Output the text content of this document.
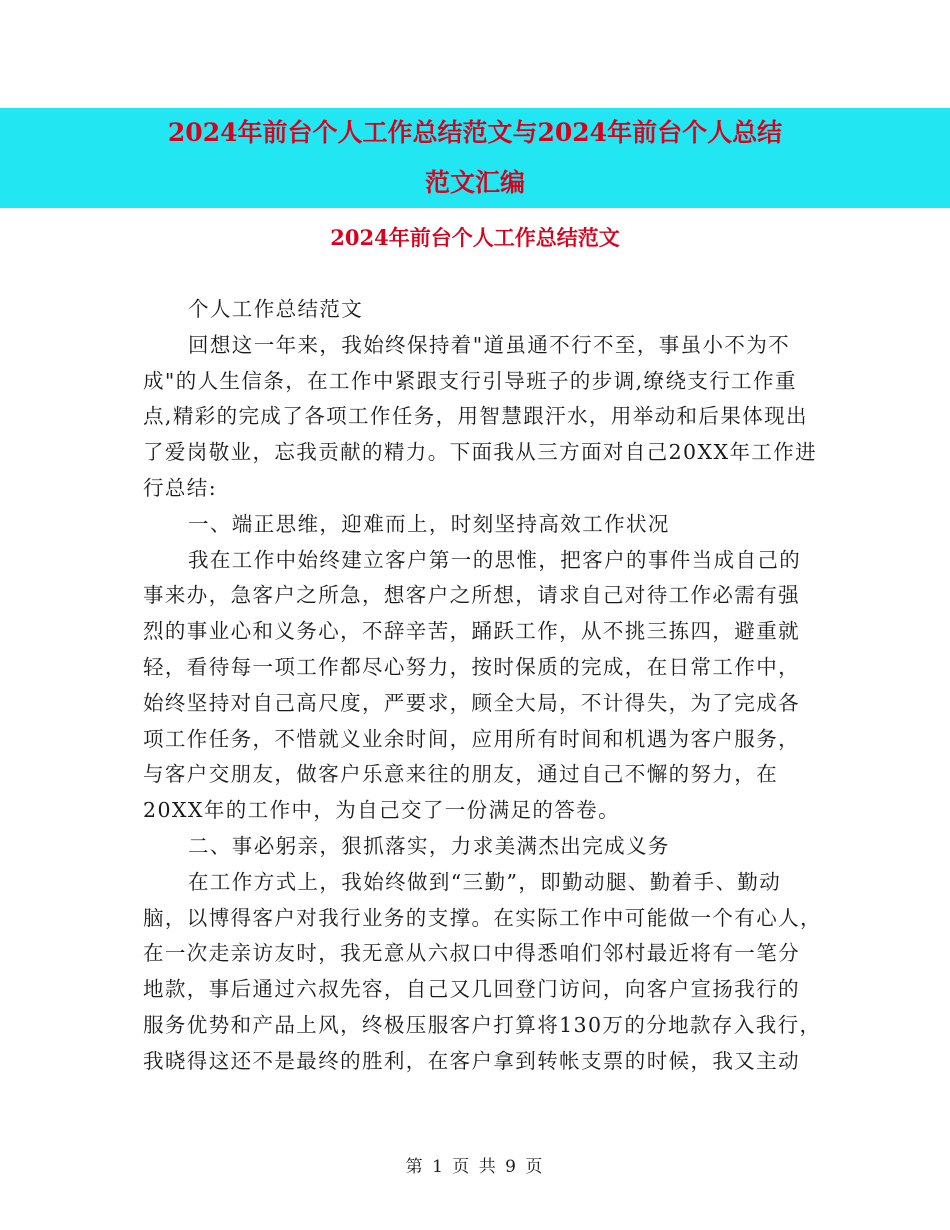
2024年前台个人工作总结范文与2024年前台个人总结
范文汇编
2024年前台个人工作总结范文
个人工作总结范文
回想这一年来，我始终保持着"道虽通不行不至，事虽小不为不
成"的人生信条，在工作中紧跟支行引导班子的步调,缭绕支行工作重
点,精彩的完成了各项工作任务，用智慧跟汗水，用举动和后果体现出
了爱岗敬业，忘我贡献的精力。下面我从三方面对自己20XX年工作进
行总结:
一、端正思维，迎难而上，时刻坚持高效工作状况
我在工作中始终建立客户第一的思惟，把客户的事件当成自己的
事来办，急客户之所急，想客户之所想，请求自己对待工作必需有强
烈的事业心和义务心，不辞辛苦，踊跃工作，从不挑三拣四，避重就
轻，看待每一项工作都尽心努力，按时保质的完成，在日常工作中，
始终坚持对自己高尺度，严要求，顾全大局，不计得失，为了完成各
项工作任务，不惜就义业余时间，应用所有时间和机遇为客户服务，
与客户交朋友，做客户乐意来往的朋友，通过自己不懈的努力，在
20XX年的工作中，为自己交了一份满足的答卷。
二、事必躬亲，狠抓落实，力求美满杰出完成义务
在工作方式上，我始终做到“三勤”，即勤动腿、勤着手、勤动
脑，以博得客户对我行业务的支撑。在实际工作中可能做一个有心人，
在一次走亲访友时，我无意从六叔口中得悉咱们邻村最近将有一笔分
地款，事后通过六叔先容，自己又几回登门访问，向客户宣扬我行的
服务优势和产品上风，终极压服客户打算将130万的分地款存入我行，
我晓得这还不是最终的胜利，在客户拿到转帐支票的时候，我又主动
第 1 页 共 9 页
